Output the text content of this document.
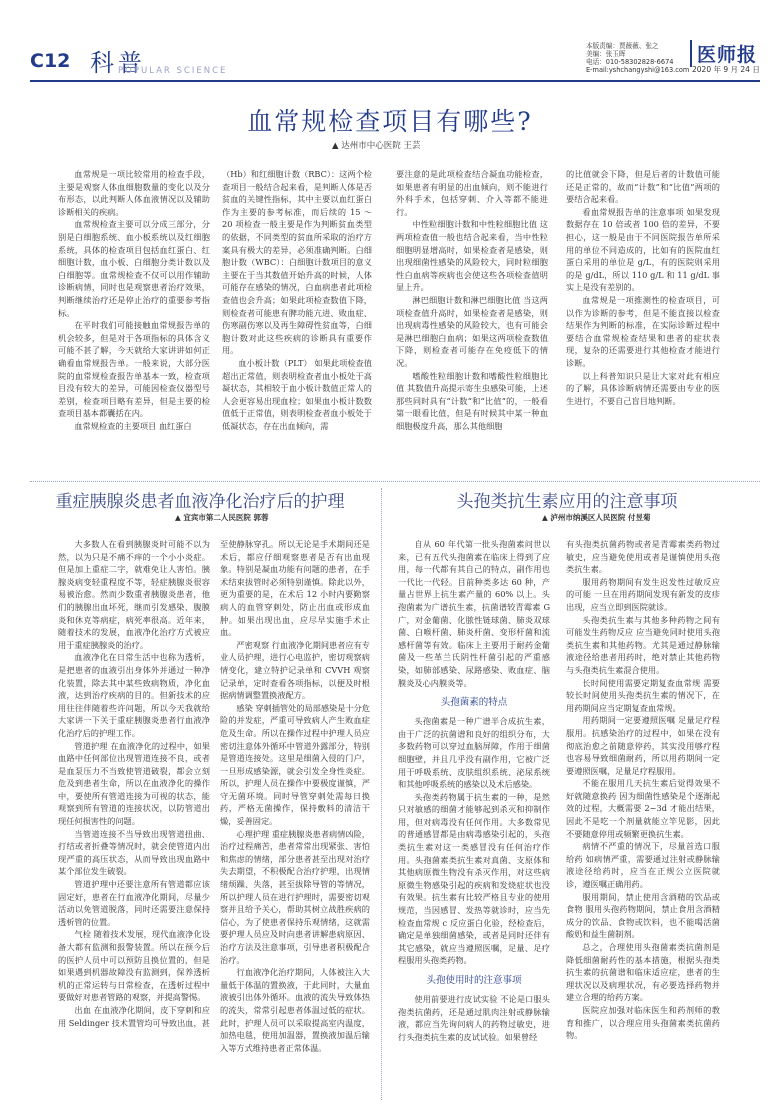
C12 科普
POPULAR SCIENCE
本版责编：贾薇薇、张之
美编：张玉晖
电话：010-58302828-6674
E-mail:yshchangyshi@163.com
医师报
2020 年 9 月 24 日
血常规检查项目有哪些?
▲ 达州市中心医院 王芸

血常规是一项比较常用的检查手段，主要是观察人体血细胞数量的变化以及分布形态，以此判断人体血液情况以及辅助诊断相关的疾病。

血常规检查主要可以分成三部分，分别是白细胞系统、血小板系统以及红细胞系统，具体的检查项目包括血红蛋白、红细胞计数，血小板、白细胞分类计数以及白细胞等。血常规检查不仅可以用作辅助诊断病情，同时也是观察患者治疗效果，判断继续治疗还是停止治疗的重要参考指标。

在平时我们可能接触血常规报告单的机会较多，但是对于各项指标的具体含义可能不甚了解，今天就给大家讲讲如何正确看血常规报告单。一般来说，大部分医院的血常规检查报告单基本一致，检查项目没有较大的差异，可能因检查仪器型号差别，检查项目略有差异，但是主要的检查项目基本都囊括在内。

血常规检查的主要项目 血红蛋白

（Hb）和红细胞计数（RBC）：这两个检查项目一般结合起来看，是判断人体是否贫血的关键性指标，其中主要以血红蛋白作为主要的参考标准，而后续的 15 ～ 20 项检查一般主要是作为判断贫血类型的依据，不同类型的贫血所采取的治疗方案具有极大的差异，必须准确判断。白细胞计数（WBC）：白细胞计数项目的意义主要在于当其数值开始升高的时候，人体可能存在感染的情况，白血病患者此项检查值也会升高；如果此项检查数值下降，则检查者可能患有脾功能亢进、败血症、伤寒副伤寒以及再生障碍性贫血等，白细胞计数对此这些疾病的诊断具有重要作用。

血小板计数（PLT） 如果此项检查值超出正常值，则表明检查者血小板处于高凝状态，其相较于血小板计数值正常人的人会更容易出现血栓；如果血小板计数数值低于正常值，则表明检查者血小板处于低凝状态，存在出血倾向，需

要注意的是此项检查结合凝血功能检查，如果患者有明显的出血倾向，则不能进行外科手术，包括穿刺、介入等都不能进行。

中性粒细胞计数和中性粒细胞比值 这两项检查值一般也结合起来看，当中性粒细胞明显增高时，如果检查者是感染，则出现细菌性感染的风险较大，同时粒细胞性白血病等疾病也会使这些各项检查值明显上升。

淋巴细胞计数和淋巴细胞比值 当这两项检查值升高时，如果检查者是感染，则出现病毒性感染的风险较大，也有可能会是淋巴细胞白血病；如果这两项检查数值下降，则检查者可能存在免疫低下的情况。

嗜酸性粒细胞计数和嗜酸性粒细胞比值 其数值升高提示寄生虫感染可能，上述那些同时具有“计数”和“比值”的，一般看第一眼看比值，但是有时候其中某一种血细胞极度升高，那么其他细胞

的比值就会下降，但是后者的计数值可能还是正常的，故而“计数”和“比值”两项的要结合起来看。

看血常规报告单的注意事项 如果发现数据存在 10 倍或者 100 倍的差异，不要担心，这一般是由于不同医院报告单所采用的单位不同造成的，比如有的医院血红蛋白采用的单位是 g/L，有的医院则采用的是 g/dL，所以 110 g/L 和 11 g/dL 事实上是没有差别的。

血常规是一项推测性的检查项目，可以作为诊断的参考，但是不能直接以检查结果作为判断的标准，在实际诊断过程中要结合血常规检查结果和患者的症状表现，复杂的还需要进行其他检查才能进行诊断。

以上科普知识只是让大家对此有相应的了解，具体诊断病情还需要由专业的医生进行，不要自己盲目地判断。

重症胰腺炎患者血液净化治疗后的护理
▲ 宜宾市第二人民医院 郭蓉

大多数人在看到胰腺炎时可能不以为然，以为只是不痛不痒的一个小小炎症。但是加上重症二字，就难免让人害怕。胰腺炎病变轻重程度不等，轻症胰腺炎很容易被治愈。然而少数重者胰腺炎患者，他们的胰腺出血坏死，继而引发感染、腹膜炎和休克等病症，病死率很高。近年来，随着技术的发展，血液净化治疗方式被应用于重症胰腺炎的治疗。

血液净化在日常生活中也称为透析，是把患者的血液引出身体外并通过一种净化装置，除去其中某些致病物质，净化血液，达到治疗疾病的目的。但新技术的应用往往伴随着些许问题，所以今天我就给大家讲一下关于重症胰腺炎患者行血液净化治疗后的护理工作。

管道护理 在血液净化的过程中，如果血路中任何部位出现管道连接不良，或者是血泵压力不当致使管道破裂，都会立刻危及到患者生命，所以在血液净化的操作中，要使所有管道连接为可视的状态，能观察到所有管道的连接状况，以防管道出现任何损害性的问题。

当管道连接不当导致出现管道扭曲、打结或者折叠等情况时，就会使管道内出现严重的高压状态，从而导致出现血路中某个部位发生破裂。

管道护理中还要注意所有管道都应该固定好，患者在行血液净化期间，尽量少活动以免管道脱落，同时还需要注意保持透析管的位置。

气栓 随着技术发展，现代血液净化设备大都有监测和报警装置。所以在预今后的医护人员中可以预防且换位置的，但是如果遇到机器故障没有监测到，保养透析机的正常运转与日常检查，在透析过程中要做好对患者管路的观察，并提高警惕。

出血 在血液净化期间，皮下穿刺和应用 Seldinger 技术置管均可导致出血，甚

至使静脉穿孔。所以无论是手术期间还是术后，都应仔细观察患者是否有出血现象。特别是凝血功能有问题的患者，在手术结束拔管时必须特别谨慎。除此以外，更为重要的是，在术后 12 小时内要勤察病人的血管穿刺处，防止出血或形成血肿。如果出现出血，应尽早实施手术止血。

严密观察 行血液净化期间患者应有专业人员护理，进行心电监护，密切观察病情变化，建立特护记录单和 CVVH 观察记录单，定时查看各项指标，以便及时根据病情调整置换液配方。

感染 穿刺插管处的局部感染是十分危险的并发症，严重可导致病人产生败血症危及生命。所以在操作过程中护理人员应密切注意体外循环中管道外露部分，特别是管道连接处。这里是细菌入侵的门户，一旦形成感染源，就会引发全身性炎症。所以，护理人员在操作中要极度谨慎，严守无菌环境。同时导管穿刺处需每日换药，严格无菌操作，保持敷料的清洁干燥，妥善固定。

心理护理 重症胰腺炎患者病情凶险，治疗过程痛苦，患者常常出现紧张、害怕和焦虑的情绪，部分患者甚至出现对治疗失去期望，不积极配合治疗护理，出现情绪烦躁、失落，甚至拔除导管的等情况，所以护理人员在进行护理时，需要密切观察并且给予关心，帮助其树立战胜疾病的信心，为了使患者保持乐观情绪，这就需要护理人员应及时向患者讲解患病原因、治疗方法及注意事项，引导患者积极配合治疗。

行血液净化治疗期间，人体被注入大量低于体温的置换液，于此同时，大量血液被引出体外循环。血液的流失导致体热的流失，常常引起患者体温过低的症状。此时，护理人员可以采取提高室内温度，加热电毯，使用加温器，置换液加温后输入等方式维持患者正常体温。

头孢类抗生素应用的注意事项
▲ 泸州市纳溪区人民医院 付昱菊

自从 60 年代第一批头孢菌素问世以来，已有五代头孢菌素在临床上得到了应用，每一代都有其自己的特点，副作用也一代比一代轻。目前种类多达 60 种，产量占世界上抗生素产量的 60% 以上。头孢菌素为广谱抗生素，抗菌谱较青霉素 G 广，对金葡菌、化脓性链球菌、肺炎双球菌、白喉杆菌、肺炎杆菌、变形杆菌和流感杆菌等有效。临床上主要用于耐药金葡菌及一些革兰氏阴性杆菌引起的严重感染，如肺部感染、尿路感染、败血症、脑膜炎及心内膜炎等。

头孢菌素的特点

头孢菌素是一种广谱半合成抗生素，由于广泛的抗菌谱和良好的组织分布，大多数药物可以穿过血脑屏障，作用于细菌细胞壁，并且几乎没有副作用，它被广泛用于呼吸系统、皮肤组织系统、泌尿系统和其他呼吸系统的感染以及术后感染。

头孢类药物属于抗生素的一种，是然只对敏感的细菌才能够起到杀灭和抑制作用，但对病毒没有任何作用。大多数常见的普通感冒都是由病毒感染引起的，头孢类抗生素对这一类感冒没有任何治疗作用。头孢菌素类抗生素对真菌、支原体和其他病原微生物没有杀灭作用，对这些病原微生物感染引起的疾病和发烧症状也没有效果。抗生素有比较严格且专业的使用规范，当因感冒、发热等就诊时，应当先检查血常规 c 反应蛋白化验，经检查后，确定是单独细菌感染，或者是同时还伴有其它感染，就应当遵照医嘱，足量、足疗程服用头孢类药物。

头孢使用时的注意事项

使用前要进行皮试实验 不论是口服头孢类抗菌药，还是通过肌肉注射或静脉输液，都应当先询问病人的药物过敏史，进行头孢类抗生素的皮试试验。如果曾经

有头孢类抗菌药物或者是青霉素类药物过敏史，应当避免使用或者是谨慎使用头孢类抗生素。

服用药物期间有发生迟发性过敏反应的可能 一旦在用药期间发现有新发的皮疹出现，应当立即到医院就诊。

头孢类抗生素与其他多种药物之间有可能发生药物反应 应当避免同时使用头孢类抗生素和其他药物。尤其是通过静脉输液途径给患者用药时，绝对禁止其他药物与头孢类抗生素混合使用。

长时间使用需要定期复查血常规 需要较长时间使用头孢类抗生素的情况下，在用药期间应当定期复查血常规。

用药期间一定要遵照医嘱 足量足疗程服用。抗感染治疗的过程中，如果在没有彻底治愈之前随意停药，其实没用够疗程也容易导致细菌耐药，所以用药期间一定要遵照医嘱，足量足疗程服用。

不能在服用几天抗生素后觉得效果不好就随意换药 因为细菌性感染是个逐渐起效的过程，大概需要 2~3d 才能出结果，因此不是吃一个剂量就能立竿见影，因此不要随意停用或频繁更换抗生素。

病情不严重的情况下，尽量首选口服给药 如病情严重，需要通过注射或静脉输液途径给药时，应当在正规公立医院就诊，遵医嘱正确用药。

服用期间，禁止使用含酒精的饮品或食物 服用头孢药物期间，禁止食用含酒精成分的饮品、食物或饮料，也不能喝活菌酸奶和益生菌制剂。

总之，合理使用头孢菌素类抗菌剂是降低细菌耐药性的基本措施，根据头孢类抗生素的抗菌谱和临床适应症，患者的生理状况以及病理状况，有必要选择药物并建立合理的给药方案。

医院应加强对临床医生和药剂师的教育和推广，以合理应用头孢菌素类抗菌药物。
